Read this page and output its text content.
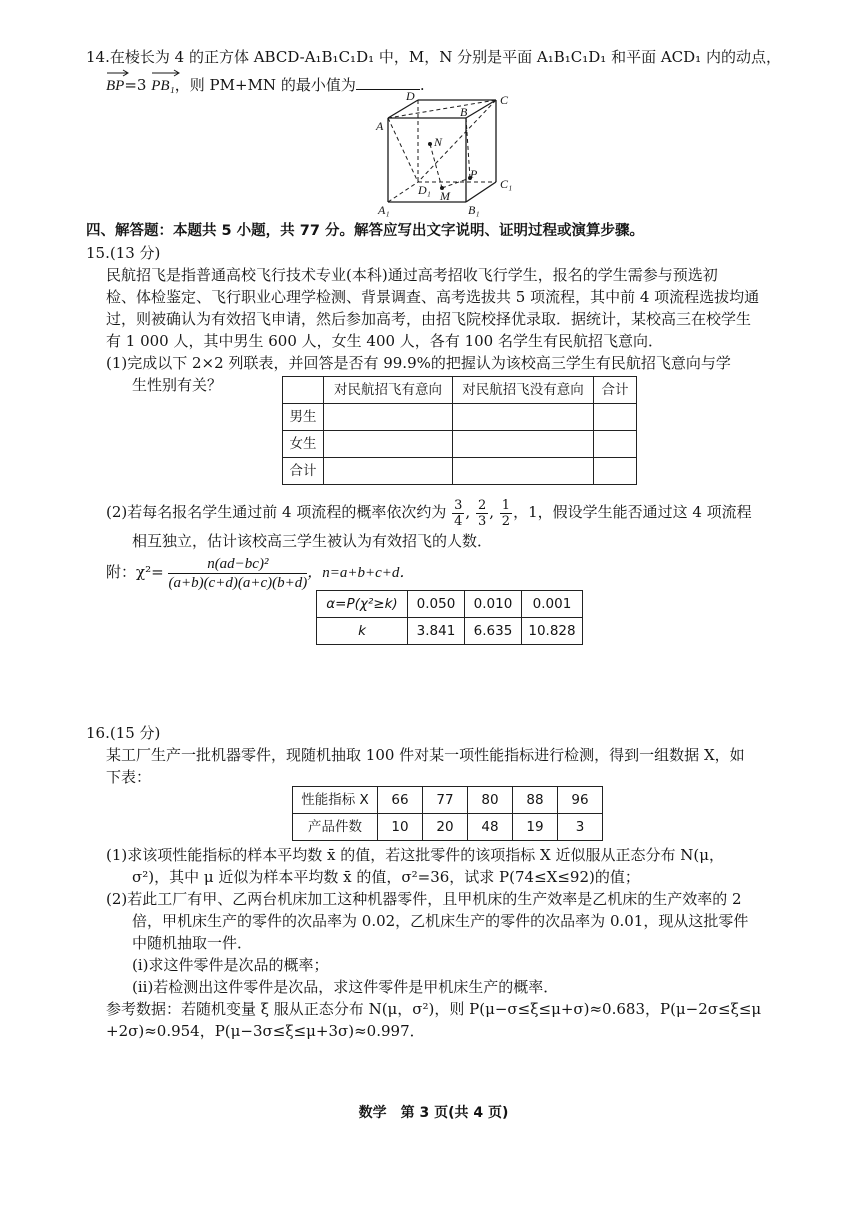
14.在棱长为 4 的正方体 ABCD-A₁B₁C₁D₁ 中，M，N 分别是平面 A₁B₁C₁D₁ 和平面 ACD₁ 内的动点，
BP=3 PB₁，则 PM+MN 的最小值为	.
D	C
A
B
N
D₁
P
C₁
M
A₁	B₁
四、解答题：本题共 5 小题，共 77 分。解答应写出文字说明、证明过程或演算步骤。
15.(13 分)
民航招飞是指普通高校飞行技术专业(本科)通过高考招收飞行学生，报名的学生需参与预选初
检、体检鉴定、飞行职业心理学检测、背景调查、高考选拔共 5 项流程，其中前 4 项流程选拔均通
过，则被确认为有效招飞申请，然后参加高考，由招飞院校择优录取．据统计，某校高三在校学生
有 1 000 人，其中男生 600 人，女生 400 人，各有 100 名学生有民航招飞意向．
(1)完成以下 2×2 列联表，并回答是否有 99.9%的把握认为该校高三学生有民航招飞意向与学
生性别有关？
		对民航招飞有意向	对民航招飞没有意向	合计
男生			
女生			
合计			
(2)若每名报名学生通过前 4 项流程的概率依次约为 $\frac{3}{4}$ , $\frac{2}{3}$ , $\frac{1}{2}$ ，1，假设学生能否通过这 4 项流程
相互独立，估计该校高三学生被认为有效招飞的人数．
附：$\chi^2= \frac{\text{n(ad−bc)²}}{(a+b)(c+d)(a+c)(b+d)}$ ，n=a+b+c+d．
α=P(χ²≥k)	0.050	0.010	0.001
k	3.841	6.635	10.828
16.(15 分)
某工厂生产一批机器零件，现随机抽取 100 件对某一项性能指标进行检测，得到一组数据 X，如
下表：
性能指标 X	66	77	80	88	96
产品件数	10	20	48	19	3
(1)求该项性能指标的样本平均数 x̄ 的值，若这批零件的该项指标 X 近似服从正态分布 N(μ，
σ²)，其中 μ 近似为样本平均数 x̄ 的值，σ²=36，试求 P(74≤X≤92)的值；
(2)若此工厂有甲、乙两台机床加工这种机器零件，且甲机床的生产效率是乙机床的生产效率的 2
倍，甲机床生产的零件的次品率为 0.02，乙机床生产的零件的次品率为 0.01，现从这批零件
中随机抽取一件．
(i)求这件零件是次品的概率；
(ii)若检测出这件零件是次品，求这件零件是甲机床生产的概率．
参考数据：若随机变量 ξ 服从正态分布 N(μ，σ²)，则 P(μ−σ≤ξ≤μ+σ)≈0.683，P(μ−2σ≤ξ≤μ
+2σ)≈0.954，P(μ−3σ≤ξ≤μ+3σ)≈0.997．
数学　第 3 页(共 4 页)
